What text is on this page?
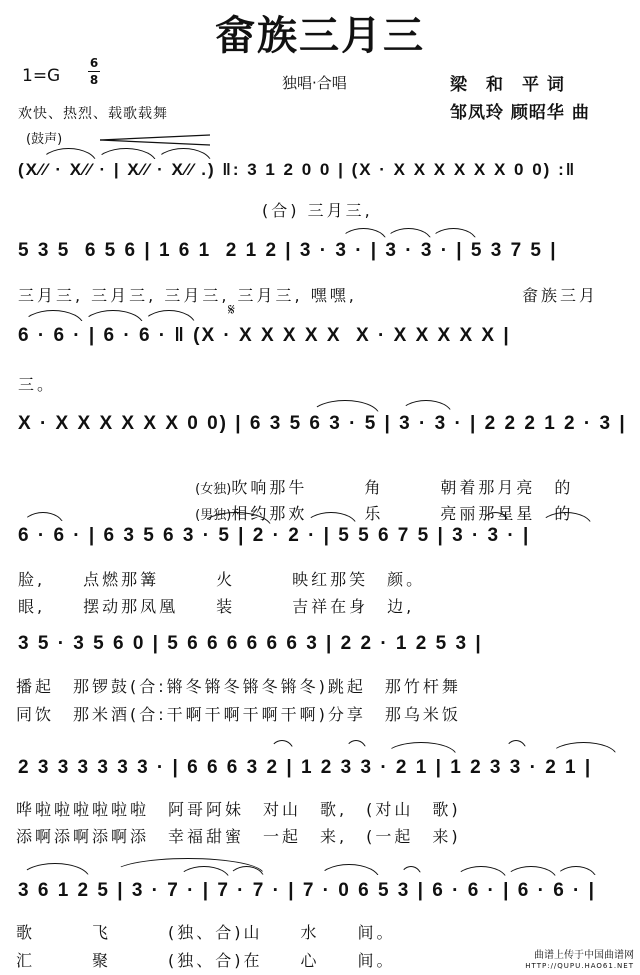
畲族三月三
1=G
6
8	独唱·合唱	梁　和　平 词
邹凤玲 顾昭华 曲
欢快、热烈、载歌载舞
(鼓声)
(X⁄⁄ · X⁄⁄ · | X⁄⁄ · X⁄⁄ .) ‖: 3 1 2 0 0 | (X · X X X X X X 0 0) :‖
(合) 三月三,
5 3 5  6 5 6 | 1 6 1  2 1 2 | 3 · 3 · | 3 · 3 · | 5 3 7 5 |
三月三, 三月三, 三月三, 三月三, 嘿嘿,	畲族三月
𝄋
6 · 6 · | 6 · 6 · ‖ (X · X X X X X  X · X X X X X |
三。
X · X X X X X X 0 0) | 6 3 5 6 3 · 5 | 3 · 3 · | 2 2 2 1 2 · 3 |

(女独)吹响那牛　　　角　　　朝着那月亮　的

(男独)相约那欢　　　乐　　　亮丽那星星　的

6 · 6 · | 6 3 5 6 3 · 5 | 2 · 2 · | 5 5 6 7 5 | 3 · 3 · |
脸,　　点燃那篝　　　火　　　映红那笑　颜。
眼,　　摆动那凤凰　　装　　　吉祥在身　边,
3 5 · 3 5 6 0 | 5 6 6 6 6 6 6 3 | 2 2 · 1 2 5 3 |
播起　那锣鼓(合:锵冬锵冬锵冬锵冬)跳起　那竹杆舞
同饮　那米酒(合:干啊干啊干啊干啊)分享　那乌米饭
2 3 3 3 3 3 3 · | 6 6 6 3 2 | 1 2 3 3 · 2 1 | 1 2 3 3 · 2 1 |
哗啦啦啦啦啦啦　阿哥阿妹　对山　歌,　(对山　歌)
添啊添啊添啊添　幸福甜蜜　一起　来,　(一起　来)
3 6 1 2 5 | 3 · 7 · | 7 · 7 · | 7 · 0 6 5 3 | 6 · 6 · | 6 · 6 · |
歌　　　飞　　　(独、合)山　　水　　间。
汇　　　聚　　　(独、合)在　　心　　间。	曲谱上传于中国曲谱网
HTTP://QUPU.HAO61.NET
